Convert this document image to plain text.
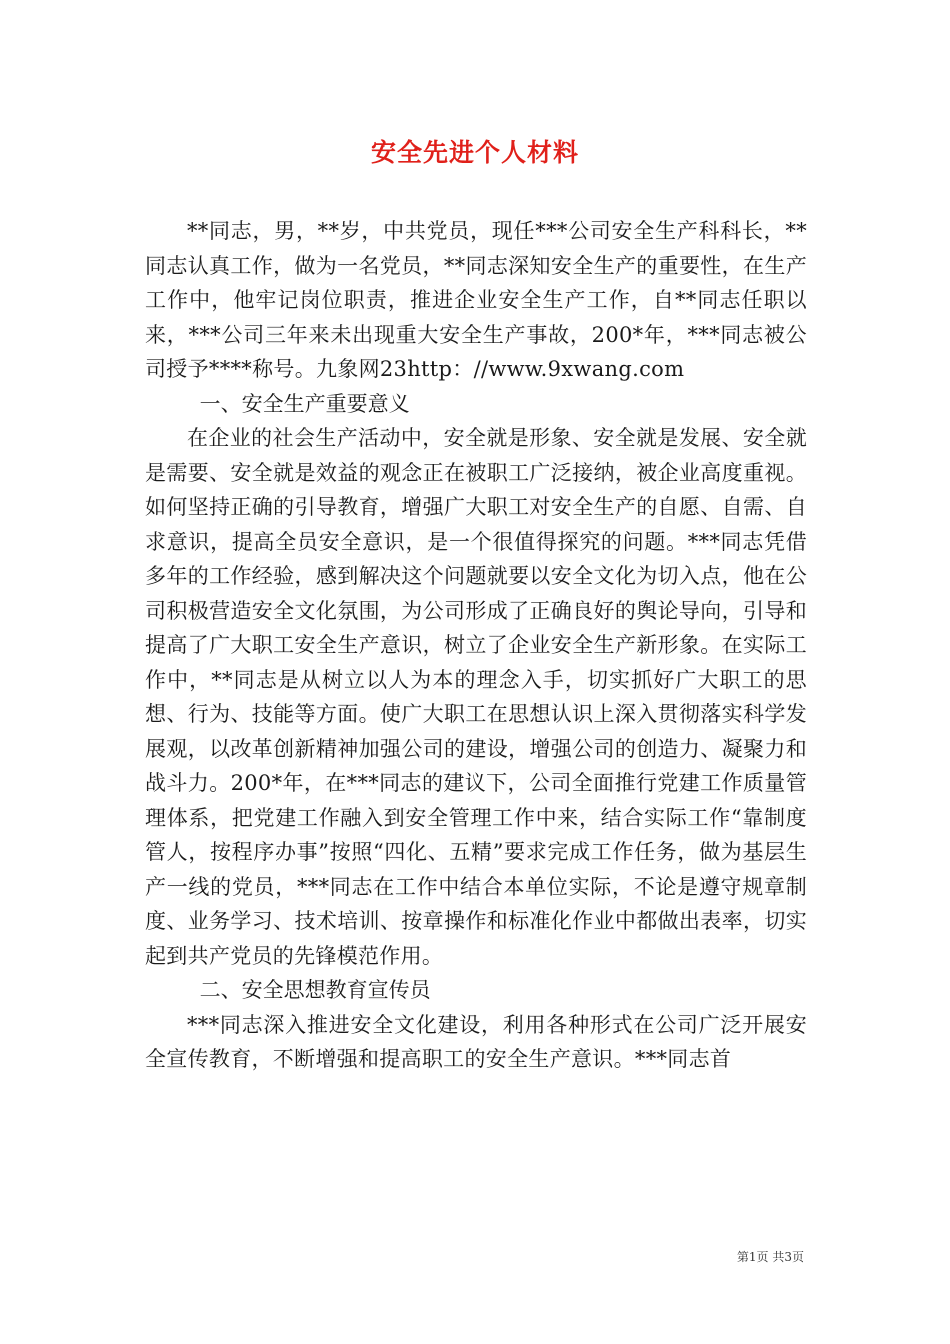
安全先进个人材料

**同志，男，**岁，中共党员，现任***公司安全生产科科长，**同志认真工作，做为一名党员，**同志深知安全生产的重要性，在生产工作中，他牢记岗位职责，推进企业安全生产工作，自**同志任职以来，***公司三年来未出现重大安全生产事故，200*年，***同志被公司授予****称号。九象网23http：//www.9xwang.com

一、安全生产重要意义

在企业的社会生产活动中，安全就是形象、安全就是发展、安全就是需要、安全就是效益的观念正在被职工广泛接纳，被企业高度重视。如何坚持正确的引导教育，增强广大职工对安全生产的自愿、自需、自求意识，提高全员安全意识，是一个很值得探究的问题。***同志凭借多年的工作经验，感到解决这个问题就要以安全文化为切入点，他在公司积极营造安全文化氛围，为公司形成了正确良好的舆论导向，引导和提高了广大职工安全生产意识，树立了企业安全生产新形象。在实际工作中，**同志是从树立以人为本的理念入手，切实抓好广大职工的思想、行为、技能等方面。使广大职工在思想认识上深入贯彻落实科学发展观，以改革创新精神加强公司的建设，增强公司的创造力、凝聚力和战斗力。200*年，在***同志的建议下，公司全面推行党建工作质量管理体系，把党建工作融入到安全管理工作中来，结合实际工作“靠制度管人，按程序办事”按照“四化、五精”要求完成工作任务，做为基层生产一线的党员，***同志在工作中结合本单位实际，不论是遵守规章制度、业务学习、技术培训、按章操作和标准化作业中都做出表率，切实起到共产党员的先锋模范作用。

二、安全思想教育宣传员

***同志深入推进安全文化建设，利用各种形式在公司广泛开展安全宣传教育，不断增强和提高职工的安全生产意识。***同志首

第1页 共3页
